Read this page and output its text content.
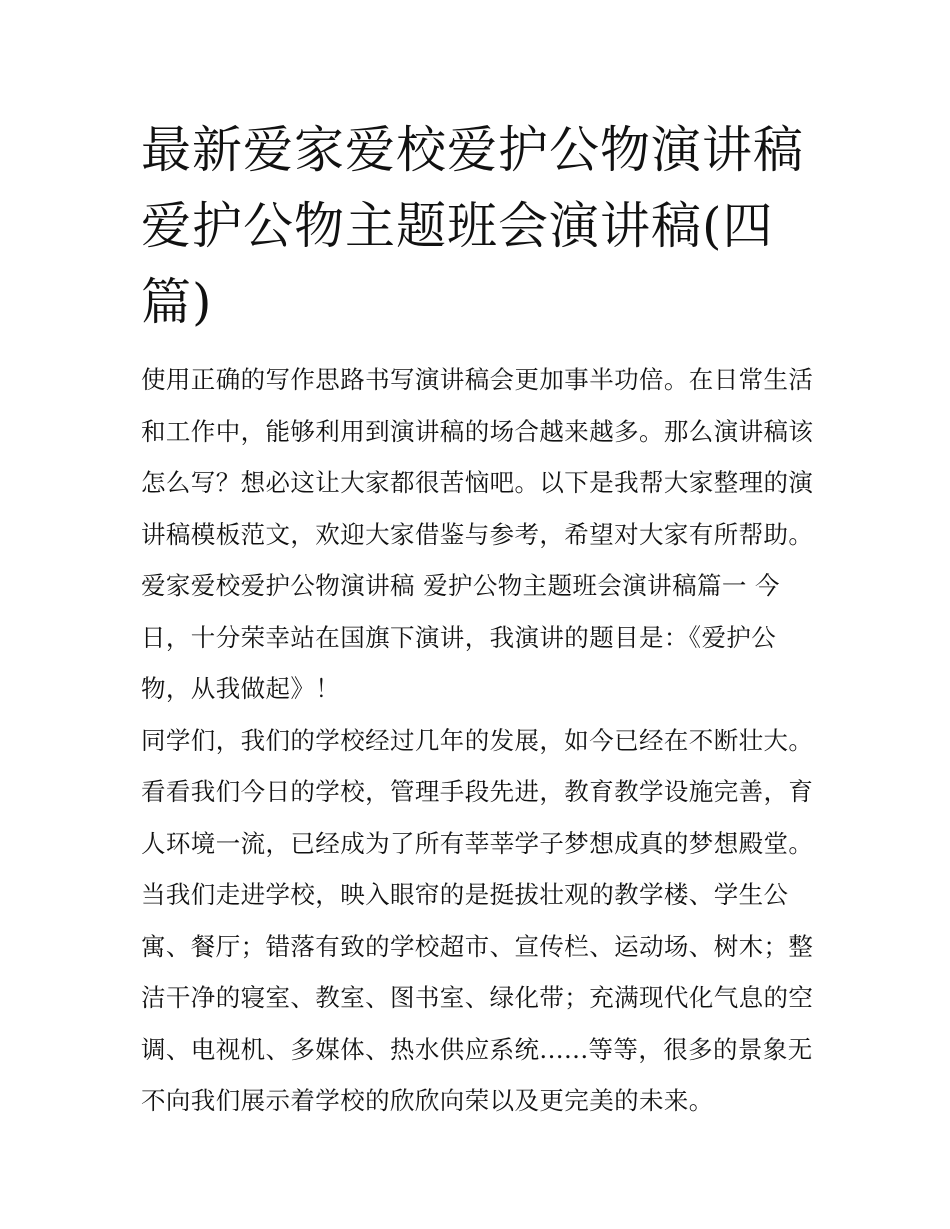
最新爱家爱校爱护公物演讲稿
爱护公物主题班会演讲稿(四
篇)
使用正确的写作思路书写演讲稿会更加事半功倍。在日常生活
和工作中，能够利用到演讲稿的场合越来越多。那么演讲稿该
怎么写？想必这让大家都很苦恼吧。以下是我帮大家整理的演
讲稿模板范文，欢迎大家借鉴与参考，希望对大家有所帮助。
爱家爱校爱护公物演讲稿 爱护公物主题班会演讲稿篇一 今
日，十分荣幸站在国旗下演讲，我演讲的题目是：《爱护公
物，从我做起》！
同学们，我们的学校经过几年的发展，如今已经在不断壮大。
看看我们今日的学校，管理手段先进，教育教学设施完善，育
人环境一流，已经成为了所有莘莘学子梦想成真的梦想殿堂。
当我们走进学校，映入眼帘的是挺拔壮观的教学楼、学生公
寓、餐厅；错落有致的学校超市、宣传栏、运动场、树木；整
洁干净的寝室、教室、图书室、绿化带；充满现代化气息的空
调、电视机、多媒体、热水供应系统......等等，很多的景象无
不向我们展示着学校的欣欣向荣以及更完美的未来。
